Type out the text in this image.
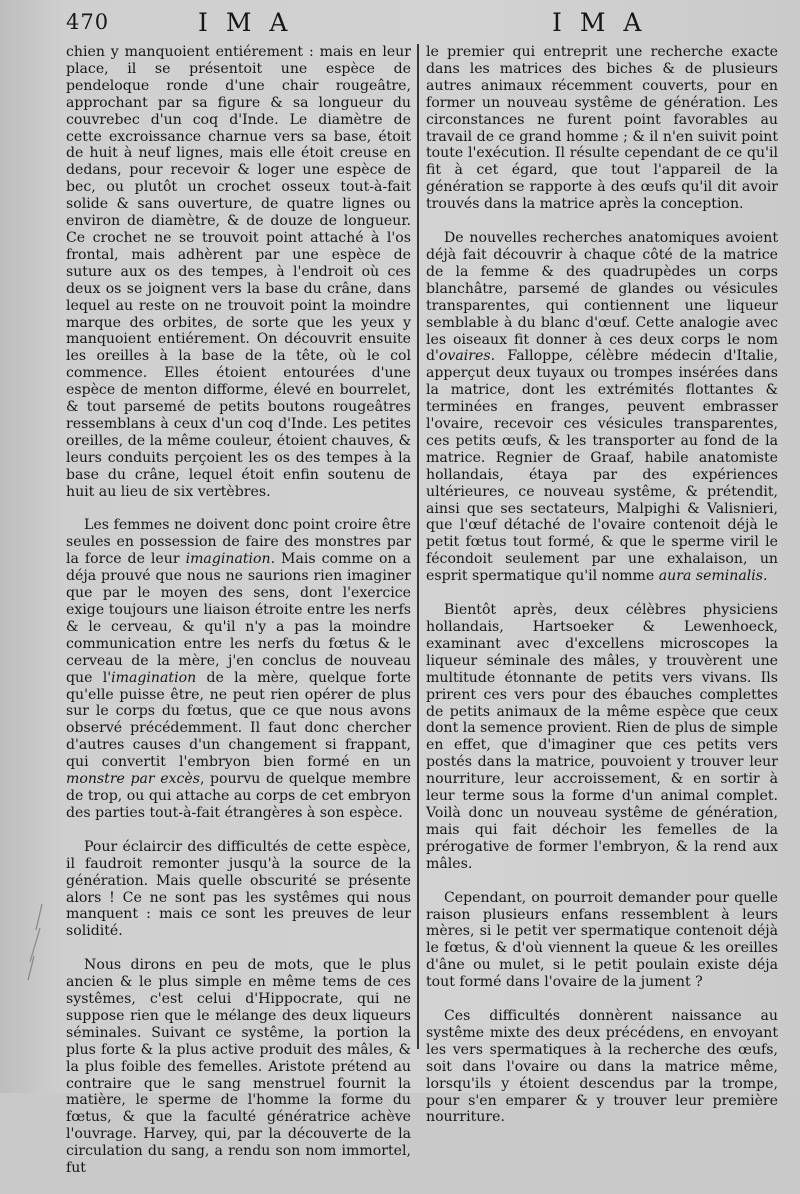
470	I M A	I M A

chien y manquoient entiérement : mais en leur place, il se présentoit une espèce de pendeloque ronde d'une chair rougeâtre, approchant par sa figure & sa longueur du couvrebec d'un coq d'Inde. Le diamètre de cette excroissance charnue vers sa base, étoit de huit à neuf lignes, mais elle étoit creuse en dedans, pour recevoir & loger une espèce de bec, ou plutôt un crochet osseux tout-à-fait solide & sans ouverture, de quatre lignes ou environ de diamètre, & de douze de longueur. Ce crochet ne se trouvoit point attaché à l'os frontal, mais adhèrent par une espèce de suture aux os des tempes, à l'endroit où ces deux os se joignent vers la base du crâne, dans lequel au reste on ne trouvoit point la moindre marque des orbites, de sorte que les yeux y manquoient entiérement. On découvrit ensuite les oreilles à la base de la tête, où le col commence. Elles étoient entourées d'une espèce de menton difforme, élevé en bourrelet, & tout parsemé de petits boutons rougeâtres ressemblans à ceux d'un coq d'Inde. Les petites oreilles, de la même couleur, étoient chauves, & leurs conduits perçoient les os des tempes à la base du crâne, lequel étoit enfin soutenu de huit au lieu de six vertèbres.

Les femmes ne doivent donc point croire être seules en possession de faire des monstres par la force de leur imagination. Mais comme on a déja prouvé que nous ne saurions rien imaginer que par le moyen des sens, dont l'exercice exige toujours une liaison étroite entre les nerfs & le cerveau, & qu'il n'y a pas la moindre communication entre les nerfs du fœtus & le cerveau de la mère, j'en conclus de nouveau que l'imagination de la mère, quelque forte qu'elle puisse être, ne peut rien opérer de plus sur le corps du fœtus, que ce que nous avons observé précédemment. Il faut donc chercher d'autres causes d'un changement si frappant, qui convertit l'embryon bien formé en un monstre par excès, pourvu de quelque membre de trop, ou qui attache au corps de cet embryon des parties tout-à-fait étrangères à son espèce.

Pour éclaircir des difficultés de cette espèce, il faudroit remonter jusqu'à la source de la génération. Mais quelle obscurité se présente alors ! Ce ne sont pas les systêmes qui nous manquent : mais ce sont les preuves de leur solidité.

Nous dirons en peu de mots, que le plus ancien & le plus simple en même tems de ces systêmes, c'est celui d'Hippocrate, qui ne suppose rien que le mélange des deux liqueurs séminales. Suivant ce systême, la portion la plus forte & la plus active produit des mâles, & la plus foible des femelles. Aristote prétend au contraire que le sang menstruel fournit la matière, le sperme de l'homme la forme du fœtus, & que la faculté génératrice achève l'ouvrage. Harvey, qui, par la découverte de la circulation du sang, a rendu son nom immortel, fut

le premier qui entreprit une recherche exacte dans les matrices des biches & de plusieurs autres animaux récemment couverts, pour en former un nouveau systême de génération. Les circonstances ne furent point favorables au travail de ce grand homme ; & il n'en suivit point toute l'exécution. Il résulte cependant de ce qu'il fit à cet égard, que tout l'appareil de la génération se rapporte à des œufs qu'il dit avoir trouvés dans la matrice après la conception.

De nouvelles recherches anatomiques avoient déjà fait découvrir à chaque côté de la matrice de la femme & des quadrupèdes un corps blanchâtre, parsemé de glandes ou vésicules transparentes, qui contiennent une liqueur semblable à du blanc d'œuf. Cette analogie avec les oiseaux fit donner à ces deux corps le nom d'ovaires. Falloppe, célèbre médecin d'Italie, apperçut deux tuyaux ou trompes insérées dans la matrice, dont les extrémités flottantes & terminées en franges, peuvent embrasser l'ovaire, recevoir ces vésicules transparentes, ces petits œufs, & les transporter au fond de la matrice. Regnier de Graaf, habile anatomiste hollandais, étaya par des expériences ultérieures, ce nouveau systême, & prétendit, ainsi que ses sectateurs, Malpighi & Valisnieri, que l'œuf détaché de l'ovaire contenoit déjà le petit fœtus tout formé, & que le sperme viril le fécondoit seulement par une exhalaison, un esprit spermatique qu'il nomme aura seminalis.

Bientôt après, deux célèbres physiciens hollandais, Hartsoeker & Lewenhoeck, examinant avec d'excellens microscopes la liqueur séminale des mâles, y trouvèrent une multitude étonnante de petits vers vivans. Ils prirent ces vers pour des ébauches complettes de petits animaux de la même espèce que ceux dont la semence provient. Rien de plus de simple en effet, que d'imaginer que ces petits vers postés dans la matrice, pouvoient y trouver leur nourriture, leur accroissement, & en sortir à leur terme sous la forme d'un animal complet. Voilà donc un nouveau systême de génération, mais qui fait déchoir les femelles de la prérogative de former l'embryon, & la rend aux mâles.

Cependant, on pourroit demander pour quelle raison plusieurs enfans ressemblent à leurs mères, si le petit ver spermatique contenoit déjà le fœtus, & d'où viennent la queue & les oreilles d'âne ou mulet, si le petit poulain existe déja tout formé dans l'ovaire de la jument ?

Ces difficultés donnèrent naissance au systême mixte des deux précédens, en envoyant les vers spermatiques à la recherche des œufs, soit dans l'ovaire ou dans la matrice même, lorsqu'ils y étoient descendus par la trompe, pour s'en emparer & y trouver leur première nourriture.
